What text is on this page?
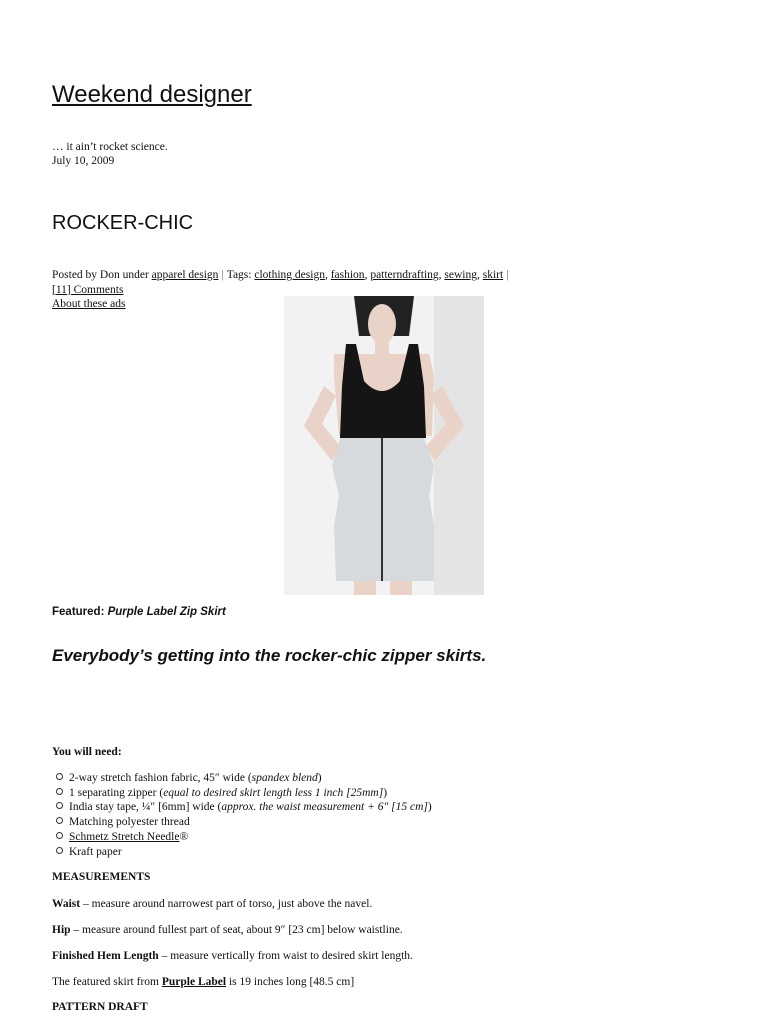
Weekend designer
… it ain’t rocket science.
July 10, 2009
ROCKER-CHIC
Posted by Don under apparel design | Tags: clothing design, fashion, patterndrafting, sewing, skirt |
[11] Comments
About these ads
Featured: Purple Label Zip Skirt
Everybody’s getting into the rocker-chic zipper skirts.
You will need:
2-way stretch fashion fabric, 45″ wide (spandex blend)
1 separating zipper (equal to desired skirt length less 1 inch [25mm])
India stay tape, ¼″ [6mm] wide (approx. the waist measurement + 6″ [15 cm])
Matching polyester thread
Schmetz Stretch Needle®
Kraft paper
MEASUREMENTS
Waist – measure around narrowest part of torso, just above the navel.
Hip – measure around fullest part of seat, about 9″ [23 cm] below waistline.
Finished Hem Length – measure vertically from waist to desired skirt length.
The featured skirt from Purple Label is 19 inches long [48.5 cm]
PATTERN DRAFT
